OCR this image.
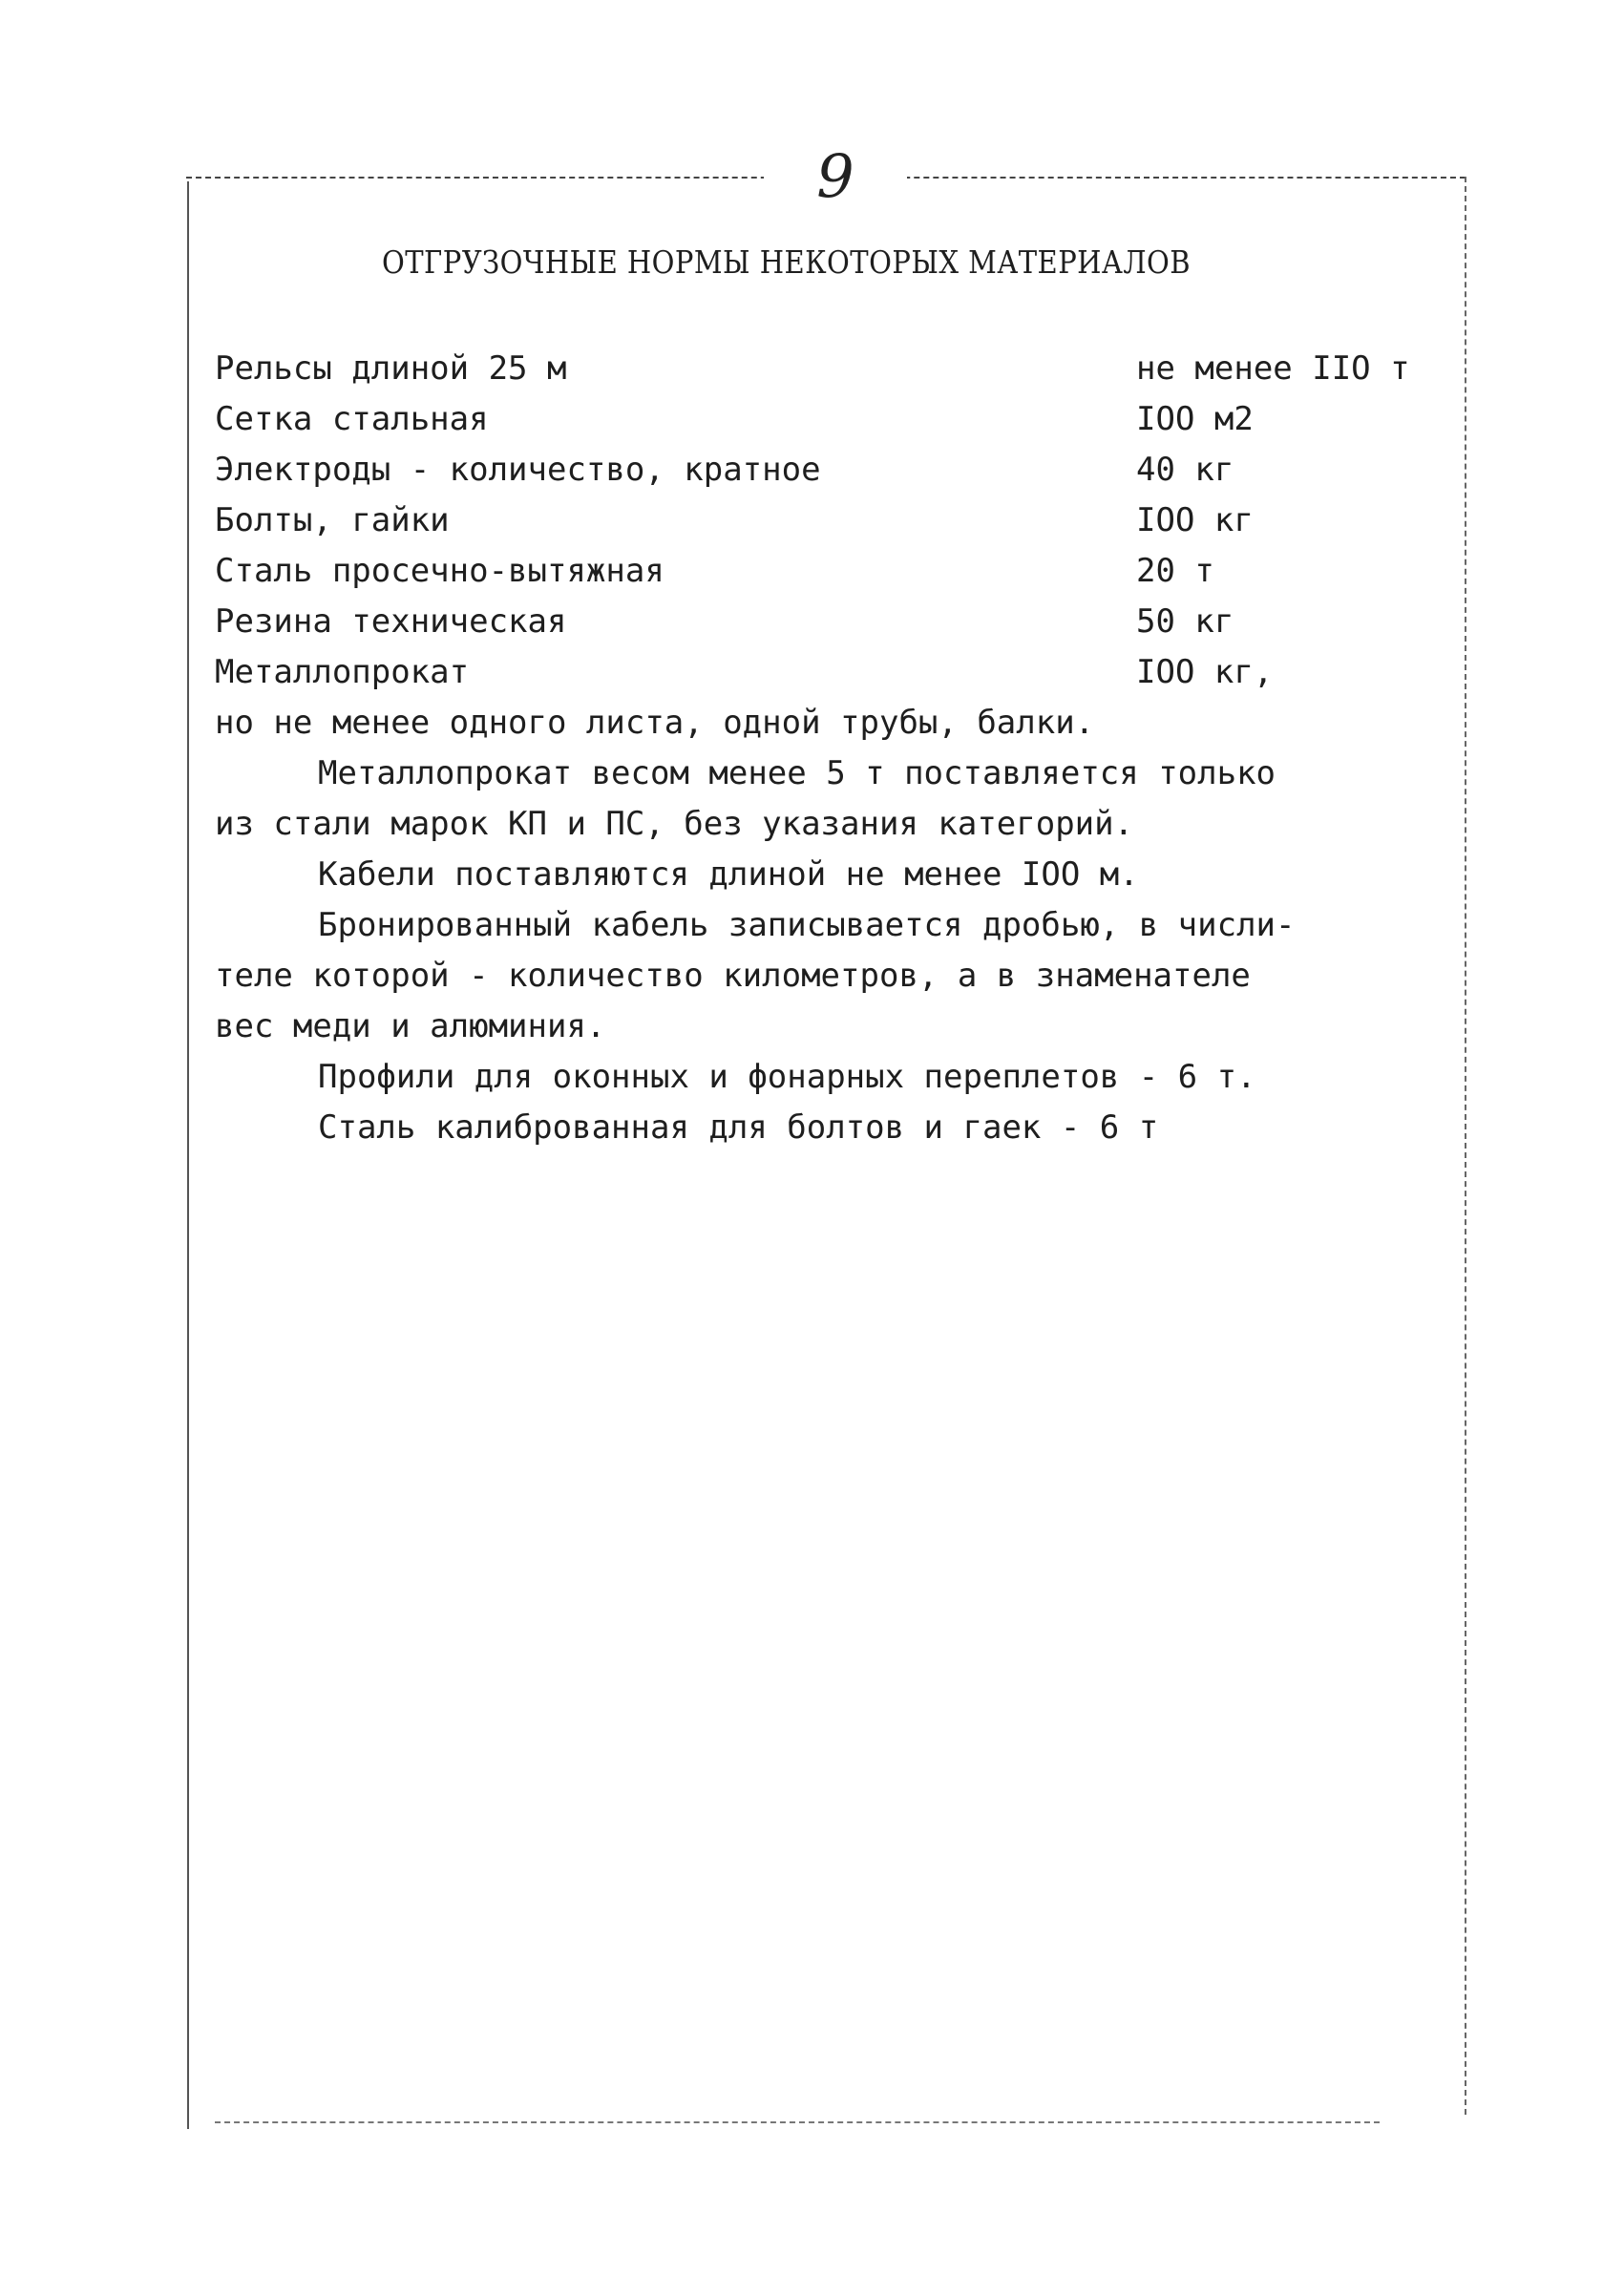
9
ОТГРУЗОЧНЫЕ НОРМЫ НЕКОТОРЫХ МАТЕРИАЛОВ
Рельсы длиной 25 м	не менее ІІО т
Сетка стальная	ІОО м2
Электроды - количество, кратное	40 кг
Болты, гайки	ІОО кг
Сталь просечно-вытяжная	20 т
Резина техническая	50 кг
Металлопрокат	ІОО кг,
но не менее одного листа, одной трубы, балки.
Металлопрокат весом менее 5 т поставляется только
из стали марок КП и ПС, без указания категорий.
Кабели поставляются длиной не менее ІОО м.
Бронированный кабель записывается дробью, в числи-
теле которой - количество километров, а в знаменателе
вес меди и алюминия.
Профили для оконных и фонарных переплетов - 6 т.
Сталь калиброванная для болтов и гаек - 6 т
